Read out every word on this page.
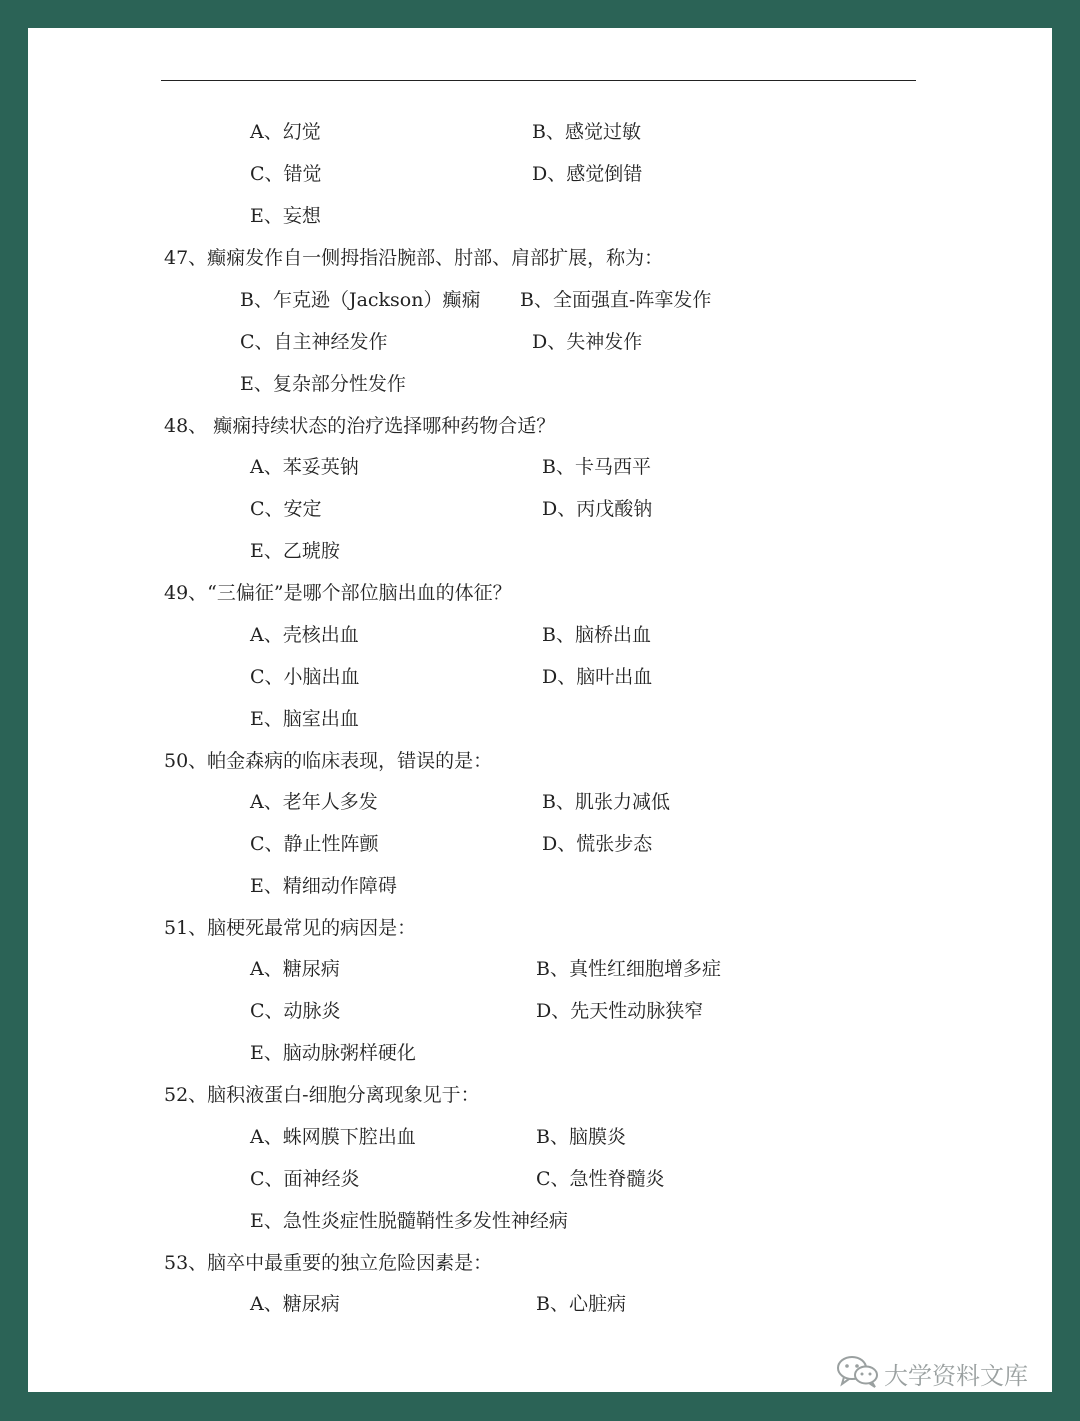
A、幻觉	B、感觉过敏
C、错觉	D、感觉倒错
E、妄想
47、癫痫发作自一侧拇指沿腕部、肘部、肩部扩展，称为：
B、乍克逊（Jackson）癫痫 B、全面强直-阵挛发作
C、自主神经发作	D、失神发作
E、复杂部分性发作
48、 癫痫持续状态的治疗选择哪种药物合适？
A、苯妥英钠	B、卡马西平
C、安定	D、丙戊酸钠
E、乙琥胺
49、“三偏征”是哪个部位脑出血的体征？
A、壳核出血	B、脑桥出血
C、小脑出血	D、脑叶出血
E、脑室出血
50、帕金森病的临床表现，错误的是：
A、老年人多发	B、肌张力减低
C、静止性阵颤	D、慌张步态
E、精细动作障碍
51、脑梗死最常见的病因是：
A、糖尿病	B、真性红细胞增多症
C、动脉炎	D、先天性动脉狭窄
E、脑动脉粥样硬化
52、脑积液蛋白-细胞分离现象见于：
A、蛛网膜下腔出血	B、脑膜炎
C、面神经炎	C、急性脊髓炎
E、急性炎症性脱髓鞘性多发性神经病
53、脑卒中最重要的独立危险因素是：
A、糖尿病	B、心脏病
大学资料文库
